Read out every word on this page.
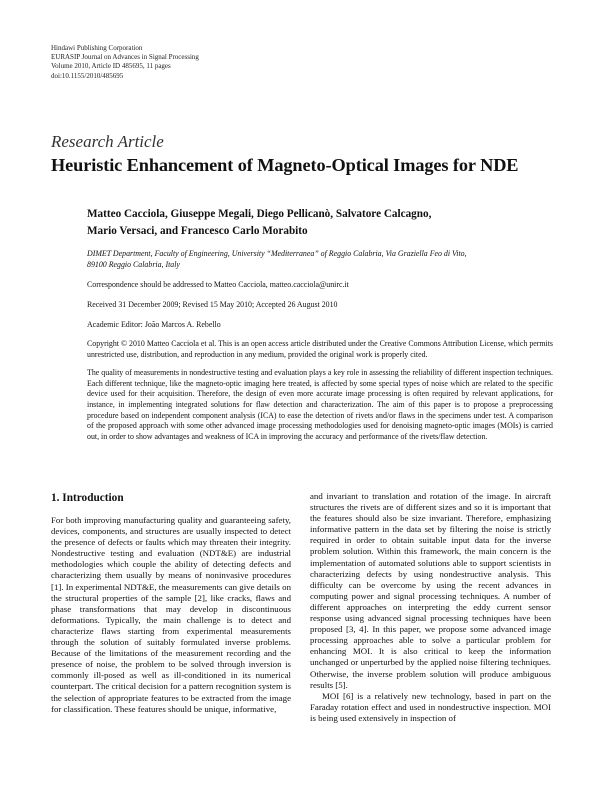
Hindawi Publishing Corporation
EURASIP Journal on Advances in Signal Processing
Volume 2010, Article ID 485695, 11 pages
doi:10.1155/2010/485695
Research Article
Heuristic Enhancement of Magneto-Optical Images for NDE

Matteo Cacciola, Giuseppe Megali, Diego Pellicanò, Salvatore Calcagno,
Mario Versaci, and Francesco Carlo Morabito

DIMET Department, Faculty of Engineering, University “Mediterranea” of Reggio Calabria, Via Graziella Feo di Vito,
89100 Reggio Calabria, Italy

Correspondence should be addressed to Matteo Cacciola, matteo.cacciola@unirc.it

Received 31 December 2009; Revised 15 May 2010; Accepted 26 August 2010

Academic Editor: João Marcos A. Rebello

Copyright © 2010 Matteo Cacciola et al. This is an open access article distributed under the Creative Commons Attribution License, which permits unrestricted use, distribution, and reproduction in any medium, provided the original work is properly cited.

The quality of measurements in nondestructive testing and evaluation plays a key role in assessing the reliability of different inspection techniques. Each different technique, like the magneto-optic imaging here treated, is affected by some special types of noise which are related to the specific device used for their acquisition. Therefore, the design of even more accurate image processing is often required by relevant applications, for instance, in implementing integrated solutions for flaw detection and characterization. The aim of this paper is to propose a preprocessing procedure based on independent component analysis (ICA) to ease the detection of rivets and/or flaws in the specimens under test. A comparison of the proposed approach with some other advanced image processing methodologies used for denoising magneto-optic images (MOIs) is carried out, in order to show advantages and weakness of ICA in improving the accuracy and performance of the rivets/flaw detection.

1. Introduction

For both improving manufacturing quality and guaranteeing safety, devices, components, and structures are usually inspected to detect the presence of defects or faults which may threaten their integrity. Nondestructive testing and evaluation (NDT&E) are industrial methodologies which couple the ability of detecting defects and characterizing them usually by means of noninvasive procedures [1]. In experimental NDT&E, the measurements can give details on the structural properties of the sample [2], like cracks, flaws and phase transformations that may develop in discontinuous deformations. Typically, the main challenge is to detect and characterize flaws starting from experimental measurements through the solution of suitably formulated inverse problems. Because of the limitations of the measurement recording and the presence of noise, the problem to be solved through inversion is commonly ill-posed as well as ill-conditioned in its numerical counterpart. The critical decision for a pattern recognition system is the selection of appropriate features to be extracted from the image for classification. These features should be unique, informative,

and invariant to translation and rotation of the image. In aircraft structures the rivets are of different sizes and so it is important that the features should also be size invariant. Therefore, emphasizing informative pattern in the data set by filtering the noise is strictly required in order to obtain suitable input data for the inverse problem solution. Within this framework, the main concern is the implementation of automated solutions able to support scientists in characterizing defects by using nondestructive analysis. This difficulty can be overcome by using the recent advances in computing power and signal processing techniques. A number of different approaches on interpreting the eddy current sensor response using advanced signal processing techniques have been proposed [3, 4]. In this paper, we propose some advanced image processing approaches able to solve a particular problem for enhancing MOI. It is also critical to keep the information unchanged or unperturbed by the applied noise filtering techniques. Otherwise, the inverse problem solution will produce ambiguous results [5].

MOI [6] is a relatively new technology, based in part on the Faraday rotation effect and used in nondestructive inspection. MOI is being used extensively in inspection of
